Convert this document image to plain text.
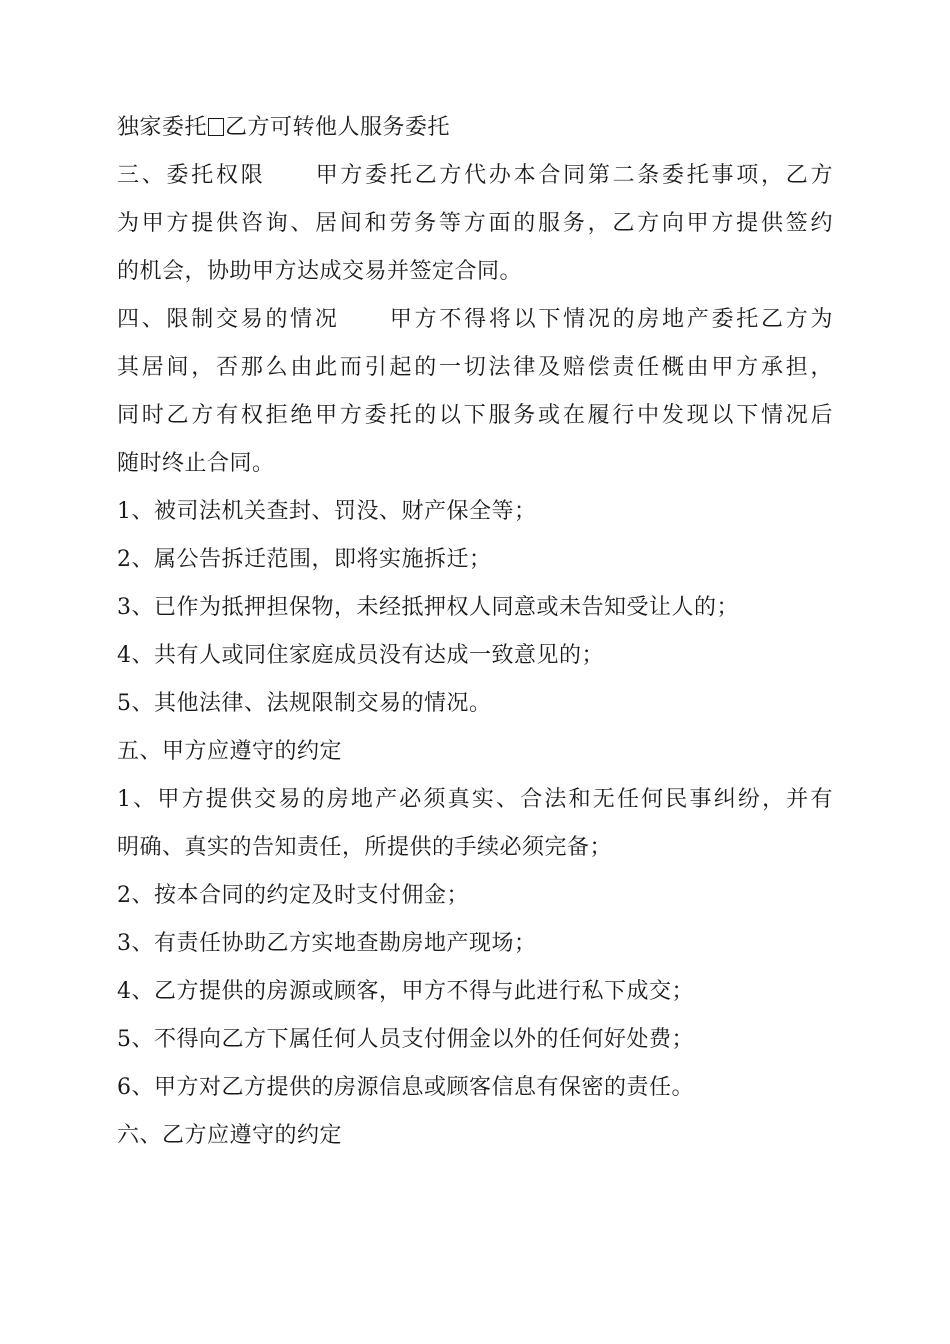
独家委托 乙方可转他人服务委托
三、委托权限 甲方委托乙方代办本合同第二条委托事项，乙方
为甲方提供咨询、居间和劳务等方面的服务，乙方向甲方提供签约
的机会，协助甲方达成交易并签定合同。
四、限制交易的情况 甲方不得将以下情况的房地产委托乙方为
其居间，否那么由此而引起的一切法律及赔偿责任概由甲方承担，
同时乙方有权拒绝甲方委托的以下服务或在履行中发现以下情况后
随时终止合同。
1、被司法机关查封、罚没、财产保全等；
2、属公告拆迁范围，即将实施拆迁；
3、已作为抵押担保物，未经抵押权人同意或未告知受让人的；
4、共有人或同住家庭成员没有达成一致意见的；
5、其他法律、法规限制交易的情况。
五、甲方应遵守的约定
1、甲方提供交易的房地产必须真实、合法和无任何民事纠纷，并有
明确、真实的告知责任，所提供的手续必须完备；
2、按本合同的约定及时支付佣金；
3、有责任协助乙方实地查勘房地产现场；
4、乙方提供的房源或顾客，甲方不得与此进行私下成交；
5、不得向乙方下属任何人员支付佣金以外的任何好处费；
6、甲方对乙方提供的房源信息或顾客信息有保密的责任。
六、乙方应遵守的约定
